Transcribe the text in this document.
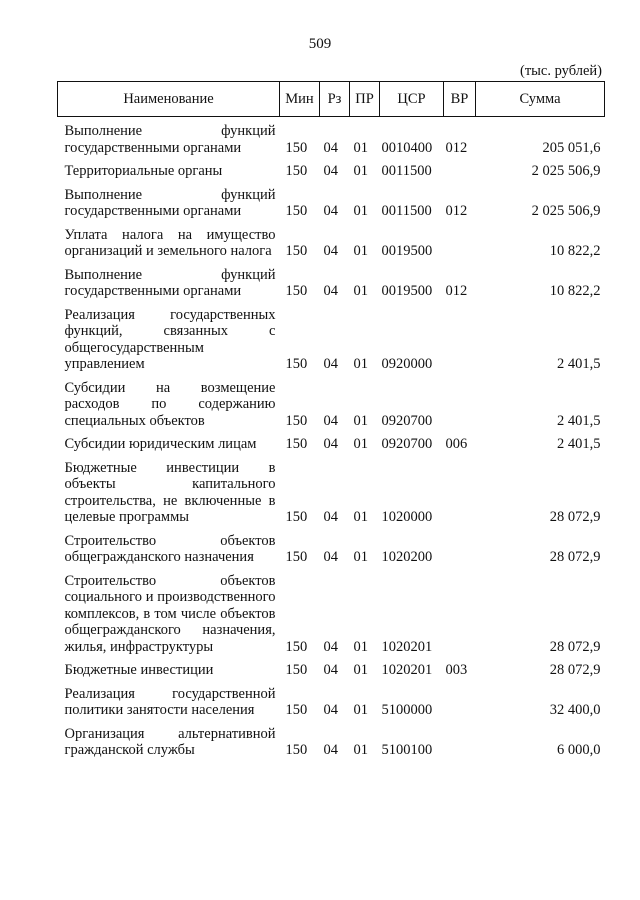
509
(тыс. рублей)
Наименование	Мин	Рз	ПР	ЦСР	ВР	Сумма
Выполнение функций государственными органами	150	04	01	0010400	012	205 051,6
Территориальные органы	150	04	01	0011500		2 025 506,9
Выполнение функций государственными органами	150	04	01	0011500	012	2 025 506,9
Уплата налога на имущество организаций и земельного налога	150	04	01	0019500		10 822,2
Выполнение функций государственными органами	150	04	01	0019500	012	10 822,2
Реализация государственных функций, связанных с общегосударственным управлением	150	04	01	0920000		2 401,5
Субсидии на возмещение расходов по содержанию специальных объектов	150	04	01	0920700		2 401,5
Субсидии юридическим лицам	150	04	01	0920700	006	2 401,5
Бюджетные инвестиции в объекты капитального строительства, не включенные в целевые программы	150	04	01	1020000		28 072,9
Строительство объектов общегражданского назначения	150	04	01	1020200		28 072,9
Строительство объектов социального и производственного комплексов, в том числе объектов общегражданского назначения, жилья, инфраструктуры	150	04	01	1020201		28 072,9
Бюджетные инвестиции	150	04	01	1020201	003	28 072,9
Реализация государственной политики занятости населения	150	04	01	5100000		32 400,0
Организация альтернативной гражданской службы	150	04	01	5100100		6 000,0
